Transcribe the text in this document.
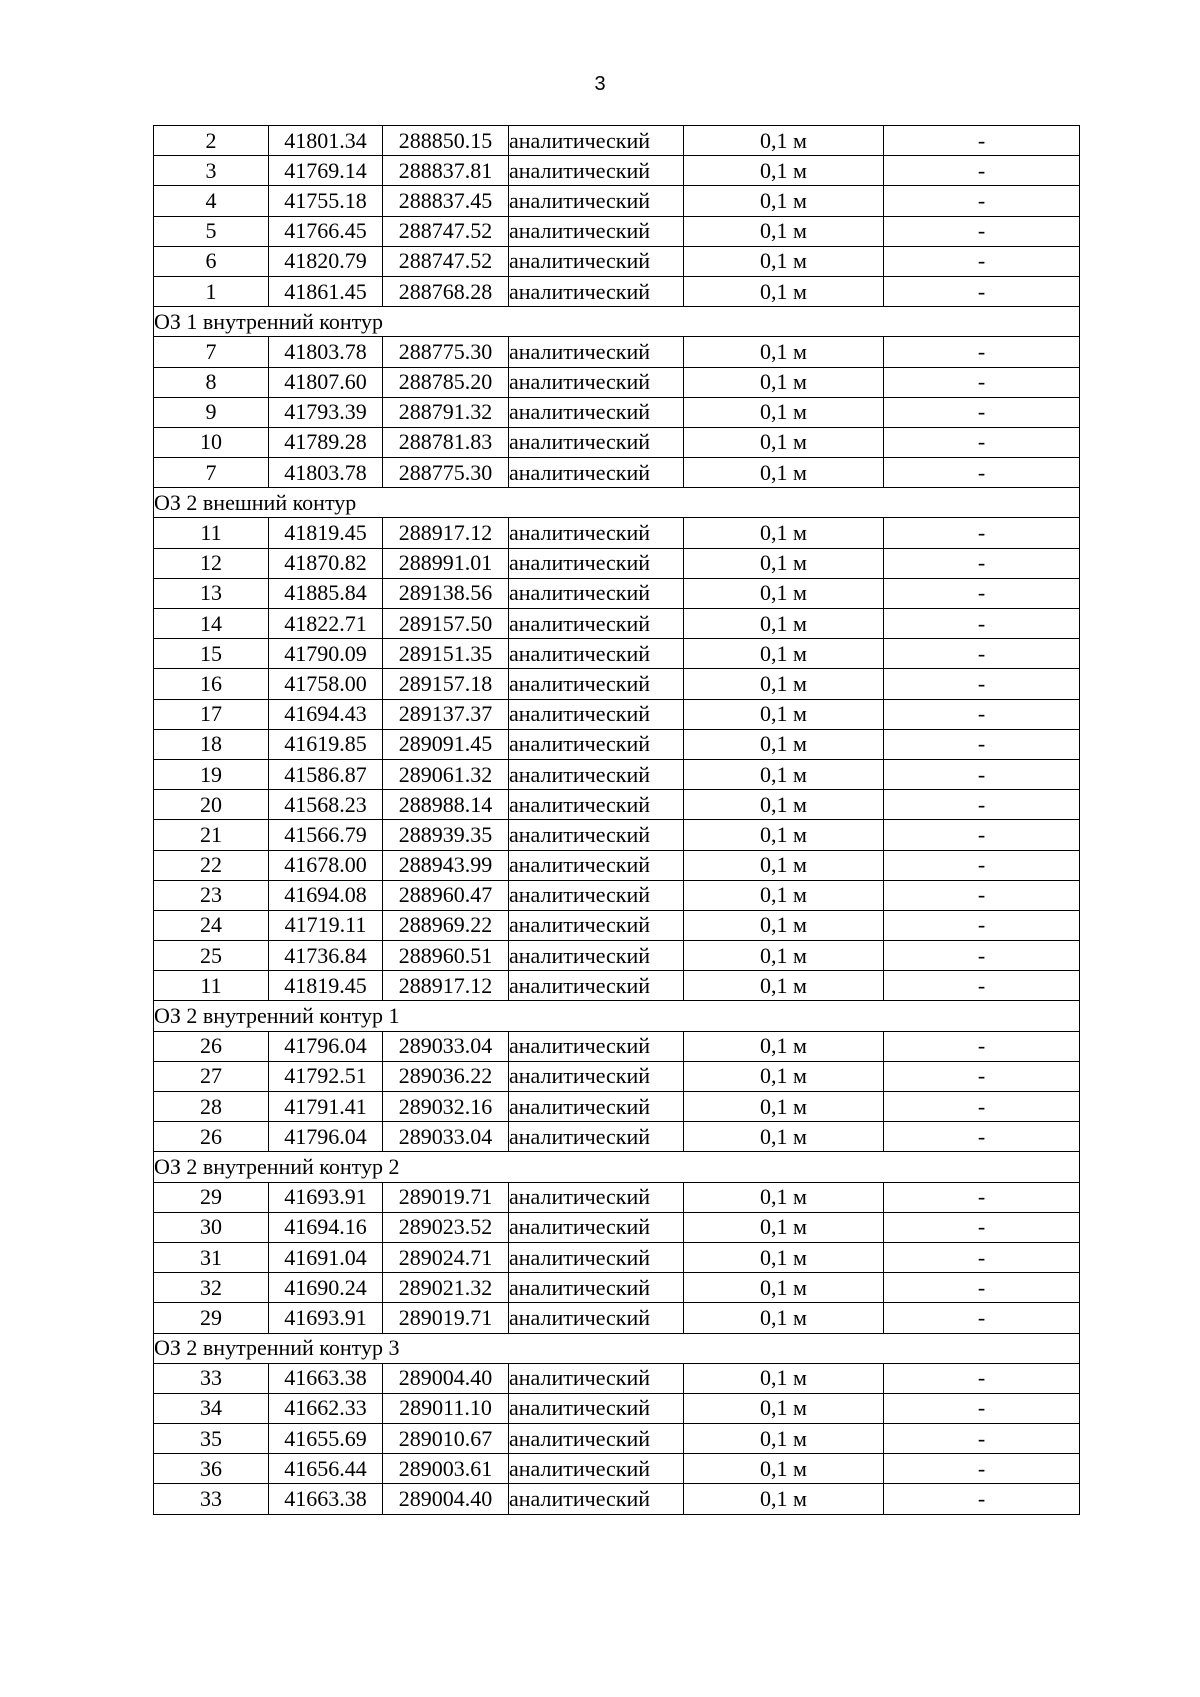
3
2	41801.34	288850.15	аналитический	0,1 м	-
3	41769.14	288837.81	аналитический	0,1 м	-
4	41755.18	288837.45	аналитический	0,1 м	-
5	41766.45	288747.52	аналитический	0,1 м	-
6	41820.79	288747.52	аналитический	0,1 м	-
1	41861.45	288768.28	аналитический	0,1 м	-
ОЗ 1 внутренний контур					
7	41803.78	288775.30	аналитический	0,1 м	-
8	41807.60	288785.20	аналитический	0,1 м	-
9	41793.39	288791.32	аналитический	0,1 м	-
10	41789.28	288781.83	аналитический	0,1 м	-
7	41803.78	288775.30	аналитический	0,1 м	-
ОЗ 2 внешний контур					
11	41819.45	288917.12	аналитический	0,1 м	-
12	41870.82	288991.01	аналитический	0,1 м	-
13	41885.84	289138.56	аналитический	0,1 м	-
14	41822.71	289157.50	аналитический	0,1 м	-
15	41790.09	289151.35	аналитический	0,1 м	-
16	41758.00	289157.18	аналитический	0,1 м	-
17	41694.43	289137.37	аналитический	0,1 м	-
18	41619.85	289091.45	аналитический	0,1 м	-
19	41586.87	289061.32	аналитический	0,1 м	-
20	41568.23	288988.14	аналитический	0,1 м	-
21	41566.79	288939.35	аналитический	0,1 м	-
22	41678.00	288943.99	аналитический	0,1 м	-
23	41694.08	288960.47	аналитический	0,1 м	-
24	41719.11	288969.22	аналитический	0,1 м	-
25	41736.84	288960.51	аналитический	0,1 м	-
11	41819.45	288917.12	аналитический	0,1 м	-
ОЗ 2 внутренний контур 1					
26	41796.04	289033.04	аналитический	0,1 м	-
27	41792.51	289036.22	аналитический	0,1 м	-
28	41791.41	289032.16	аналитический	0,1 м	-
26	41796.04	289033.04	аналитический	0,1 м	-
ОЗ 2 внутренний контур 2					
29	41693.91	289019.71	аналитический	0,1 м	-
30	41694.16	289023.52	аналитический	0,1 м	-
31	41691.04	289024.71	аналитический	0,1 м	-
32	41690.24	289021.32	аналитический	0,1 м	-
29	41693.91	289019.71	аналитический	0,1 м	-
ОЗ 2 внутренний контур 3					
33	41663.38	289004.40	аналитический	0,1 м	-
34	41662.33	289011.10	аналитический	0,1 м	-
35	41655.69	289010.67	аналитический	0,1 м	-
36	41656.44	289003.61	аналитический	0,1 м	-
33	41663.38	289004.40	аналитический	0,1 м	-
